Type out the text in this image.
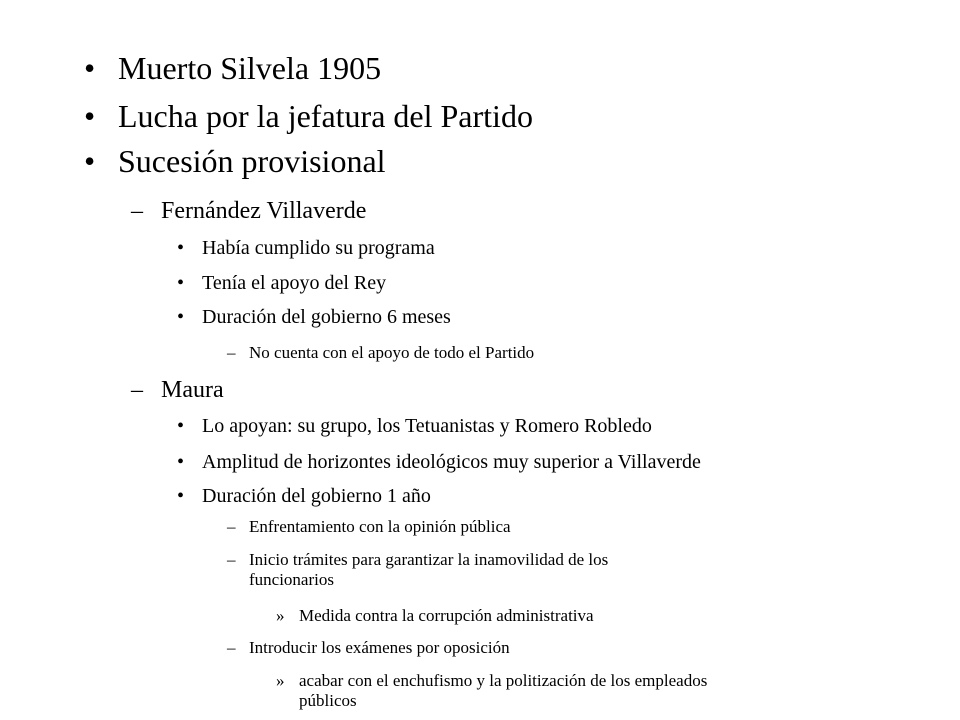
• Muerto Silvela 1905
• Lucha por la jefatura del Partido
• Sucesión provisional
– Fernández Villaverde
• Había cumplido su programa
• Tenía el apoyo del Rey
• Duración del gobierno 6 meses
– No cuenta con el apoyo de todo el Partido
– Maura
• Lo apoyan: su grupo, los Tetuanistas y Romero Robledo
• Amplitud de horizontes ideológicos muy superior a Villaverde
• Duración del gobierno 1 año
– Enfrentamiento con la opinión pública
– Inicio trámites para garantizar la inamovilidad de los
funcionarios
» Medida contra la corrupción administrativa
– Introducir los exámenes por oposición
» acabar con el enchufismo y la politización de los empleados
públicos
